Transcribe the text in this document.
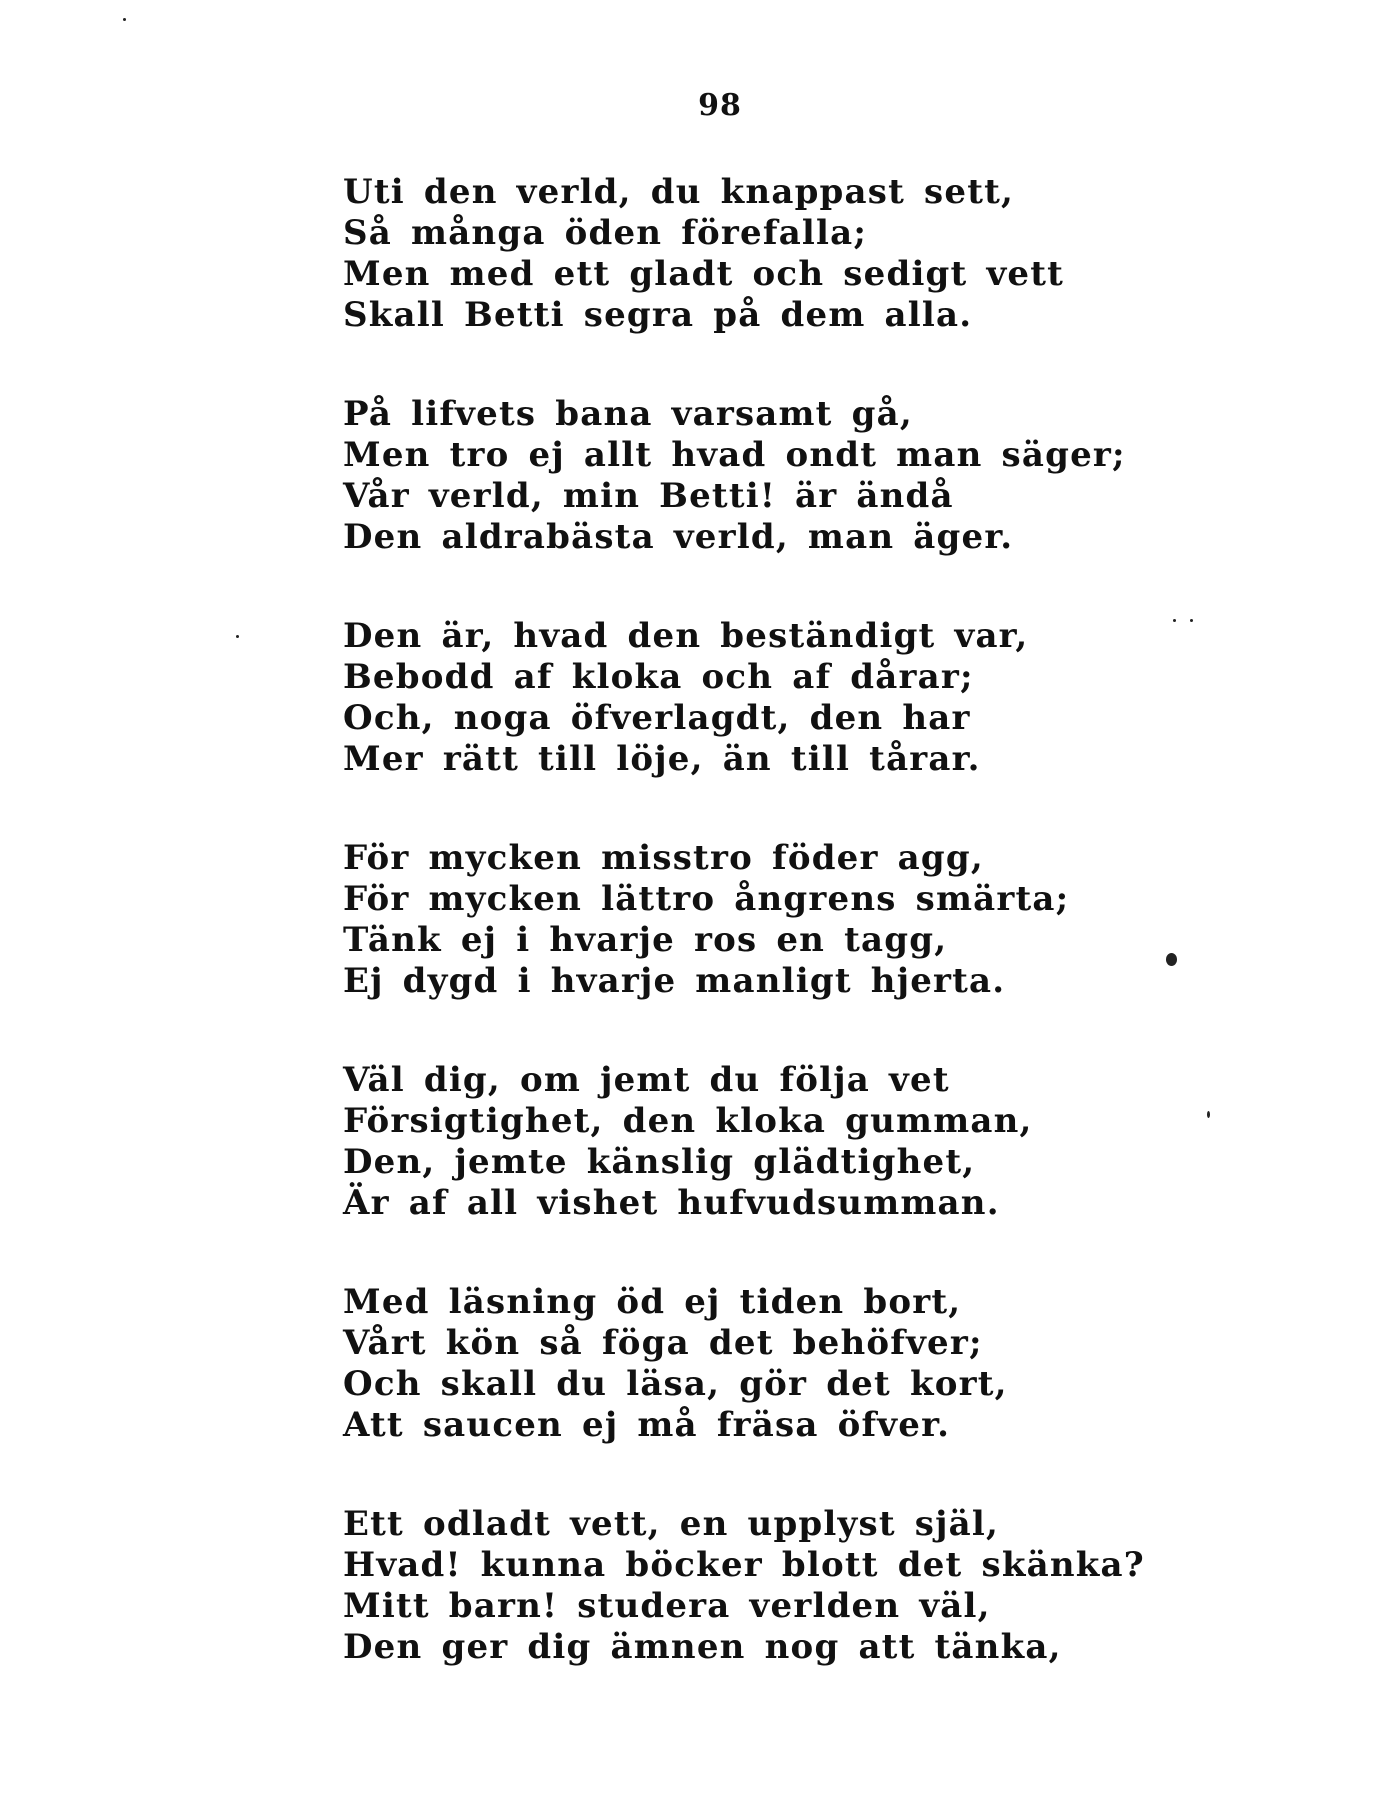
98
Uti den verld, du knappast sett,
Så många öden förefalla;
Men med ett gladt och sedigt vett
Skall Betti segra på dem alla.
På lifvets bana varsamt gå,
Men tro ej allt hvad ondt man säger;
Vår verld, min Betti! är ändå
Den aldrabästa verld, man äger.
Den är, hvad den beständigt var,
Bebodd af kloka och af dårar;
Och, noga öfverlagdt, den har
Mer rätt till löje, än till tårar.
För mycken misstro föder agg,
För mycken lättro ångrens smärta;
Tänk ej i hvarje ros en tagg,
Ej dygd i hvarje manligt hjerta.
Väl dig, om jemt du följa vet
Försigtighet, den kloka gumman,
Den, jemte känslig glädtighet,
Är af all vishet hufvudsumman.
Med läsning öd ej tiden bort,
Vårt kön så föga det behöfver;
Och skall du läsa, gör det kort,
Att saucen ej må fräsa öfver.
Ett odladt vett, en upplyst själ,
Hvad! kunna böcker blott det skänka?
Mitt barn! studera verlden väl,
Den ger dig ämnen nog att tänka,
